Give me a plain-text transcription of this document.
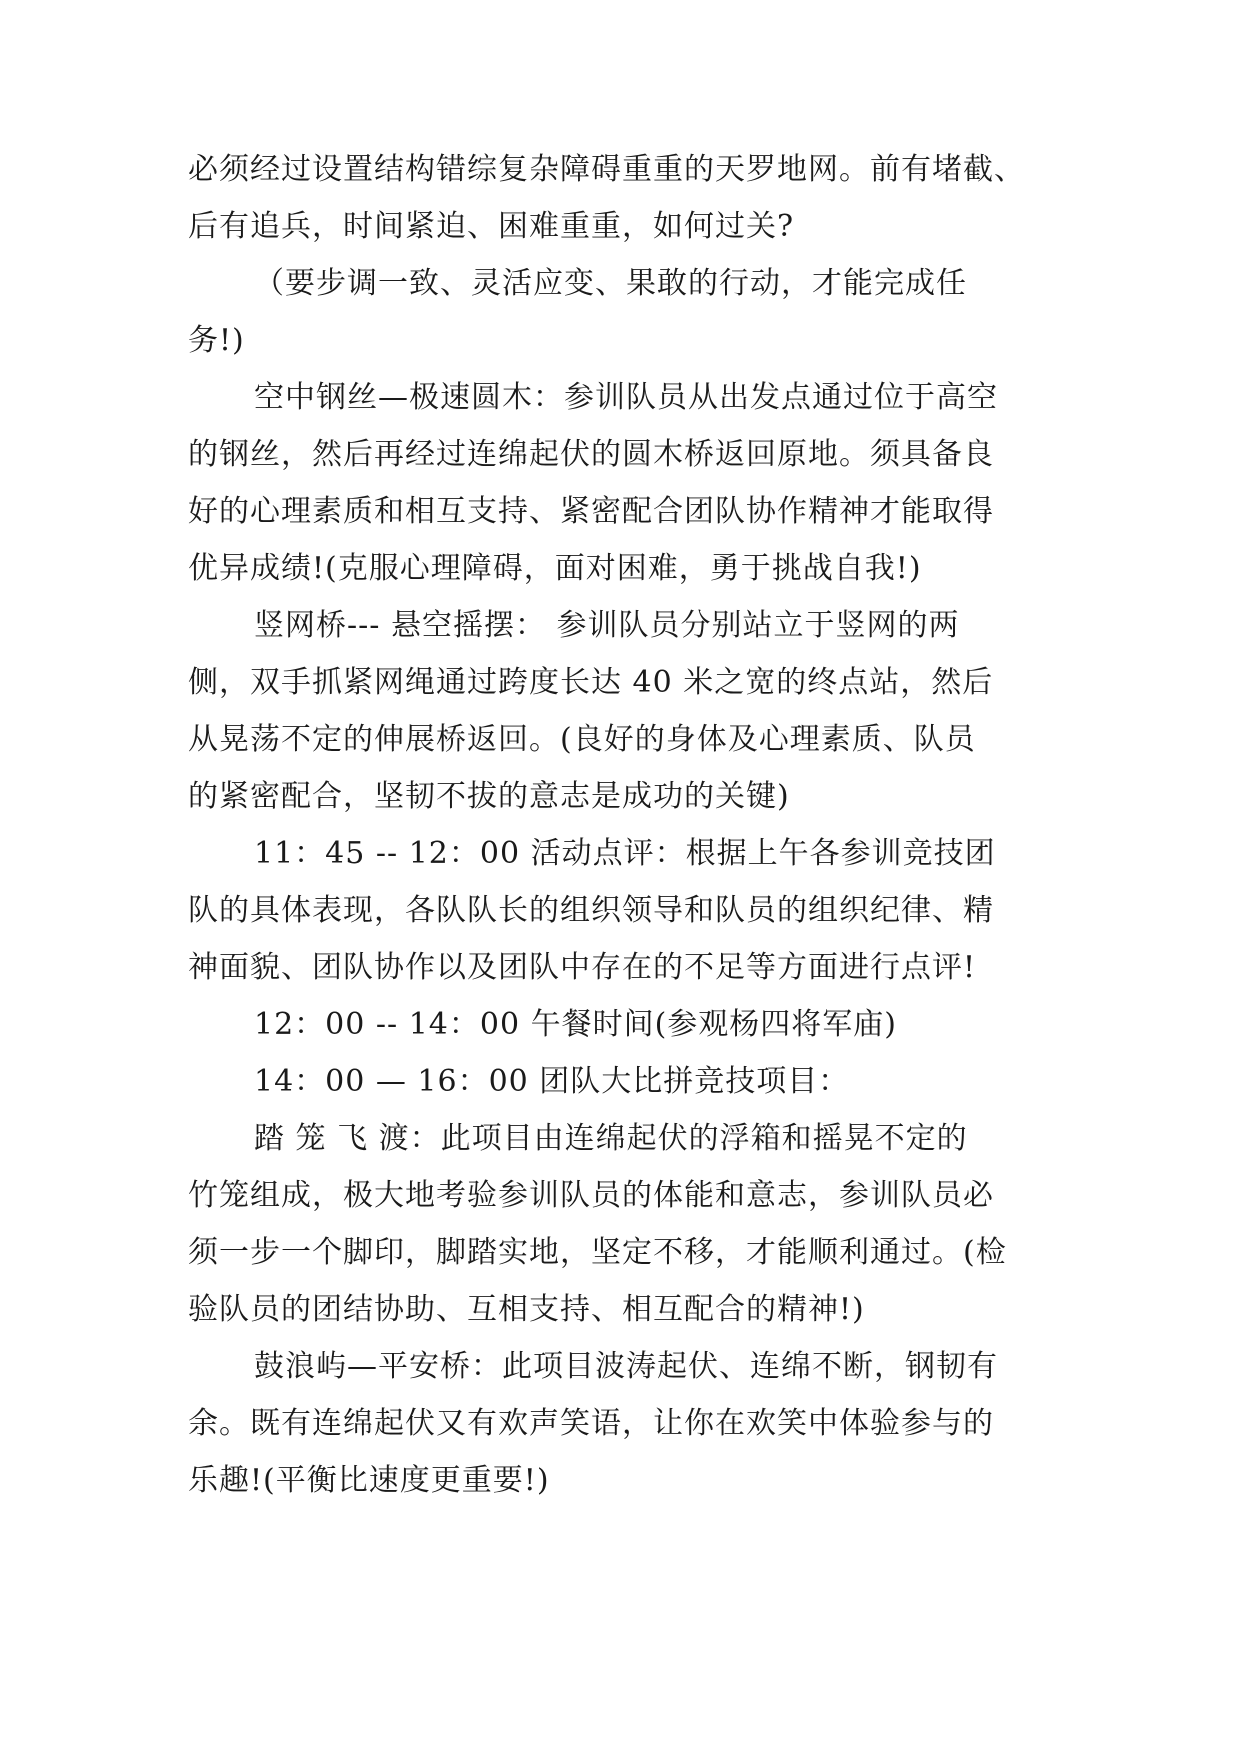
必须经过设置结构错综复杂障碍重重的天罗地网。前有堵截、
后有追兵，时间紧迫、困难重重，如何过关?
（要步调一致、灵活应变、果敢的行动，才能完成任
务!)
空中钢丝—极速圆木：参训队员从出发点通过位于高空
的钢丝，然后再经过连绵起伏的圆木桥返回原地。须具备良
好的心理素质和相互支持、紧密配合团队协作精神才能取得
优异成绩!(克服心理障碍，面对困难，勇于挑战自我!)
竖网桥--- 悬空摇摆： 参训队员分别站立于竖网的两
侧，双手抓紧网绳通过跨度长达 40 米之宽的终点站，然后
从晃荡不定的伸展桥返回。(良好的身体及心理素质、队员
的紧密配合，坚韧不拔的意志是成功的关键)
11：45 -- 12：00 活动点评：根据上午各参训竞技团
队的具体表现，各队队长的组织领导和队员的组织纪律、精
神面貌、团队协作以及团队中存在的不足等方面进行点评!
12：00 -- 14：00 午餐时间(参观杨四将军庙)
14：00 — 16：00 团队大比拼竞技项目：
踏 笼 飞 渡：此项目由连绵起伏的浮箱和摇晃不定的
竹笼组成，极大地考验参训队员的体能和意志，参训队员必
须一步一个脚印，脚踏实地，坚定不移，才能顺利通过。(检
验队员的团结协助、互相支持、相互配合的精神!)
鼓浪屿—平安桥：此项目波涛起伏、连绵不断，钢韧有
余。既有连绵起伏又有欢声笑语，让你在欢笑中体验参与的
乐趣!(平衡比速度更重要!)
